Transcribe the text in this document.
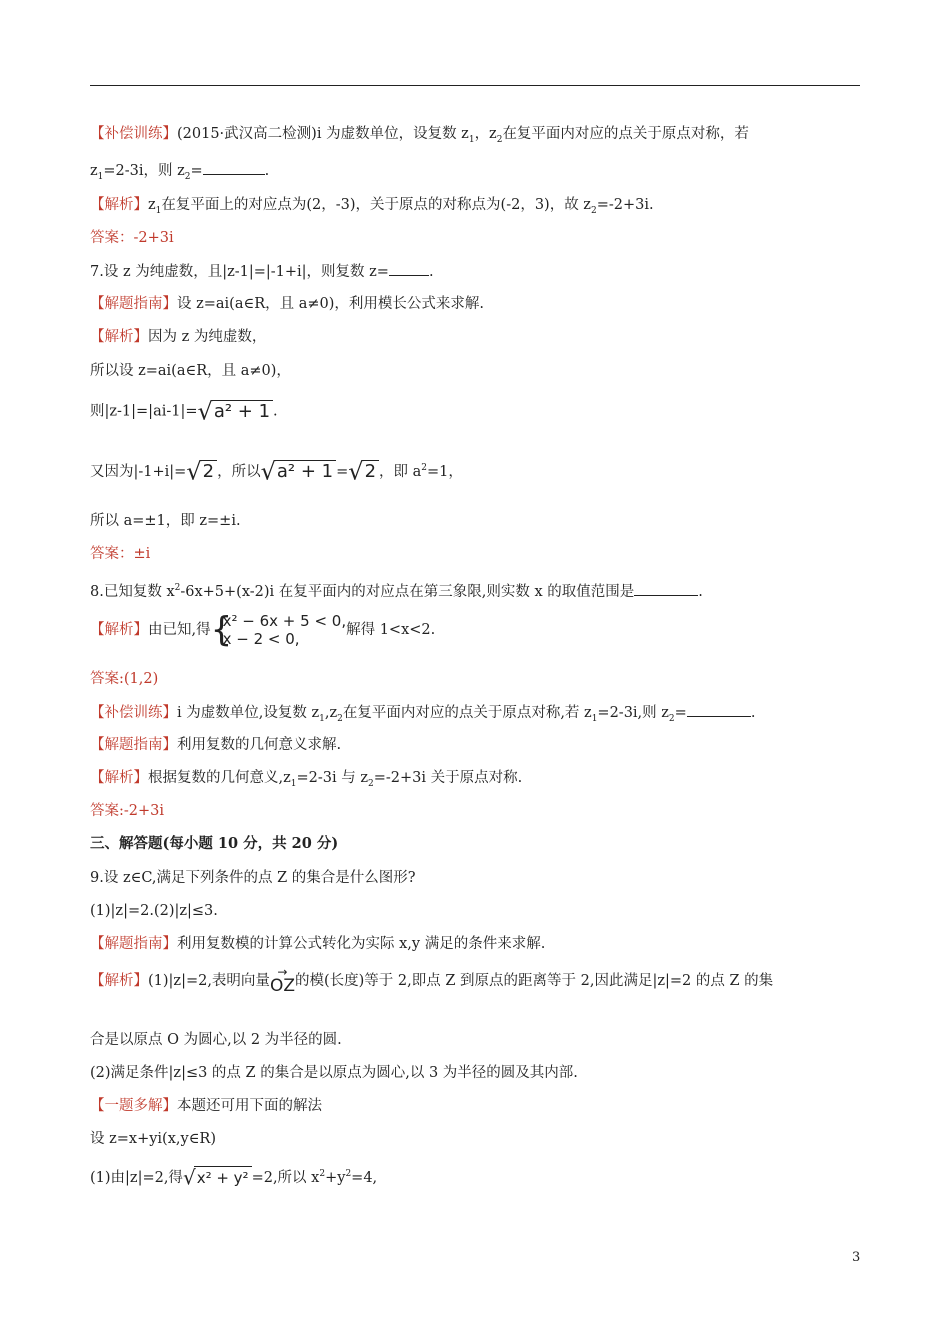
【补偿训练】(2015·武汉高二检测)i 为虚数单位，设复数 $z_1$，$z_2$在复平面内对应的点关于原点对称，若
$z_1=2-3i$，则 $z_2=$	.
【解析】$z_1$在复平面上的对应点为(2，-3)，关于原点的对称点为(-2，3)，故 $z_2=-2+3i$.
答案：-2+3i
7.设 z 为纯虚数，且|z-1|=|-1+i|，则复数 z=	.
【解题指南】设 z=ai(a∈R，且 a≠0)，利用模长公式来求解.
【解析】因为 z 为纯虚数，
所以设 z=ai(a∈R，且 a≠0)，
则|z-1|=|ai-1|=√a² + 1 .
又因为|-1+i|=√2 ，所以√a² + 1 =√2 ，即 $a^2=1$，
所以 a=±1，即 z=±i.
答案：±i
8.已知复数 $x^2-6x+5+(x-2)i$ 在复平面内的对应点在第三象限,则实数 x 的取值范围是	.
【解析】由已知,得 {
x² − 6x + 5 < 0,
x − 2 < 0,	解得 1<x<2.
答案:(1,2)
【补偿训练】i 为虚数单位,设复数 $z_1,z_2$在复平面内对应的点关于原点对称,若 $z_1=2-3i$,则 $z_2=$	.
【解题指南】利用复数的几何意义求解.
【解析】根据复数的几何意义$,z_1=2-3i$ 与 $z_2=-2+3i$ 关于原点对称.
答案:-2+3i
三、解答题(每小题 10 分，共 20 分)
9.设 z∈C,满足下列条件的点 Z 的集合是什么图形?
(1)|z|=2.(2)|z|≤3.
【解题指南】利用复数模的计算公式转化为实际 x,y 满足的条件来求解.
【解析】(1)|z|=2,表明向量
→
OZ的模(长度)等于 2,即点 Z 到原点的距离等于 2,因此满足|z|=2 的点 Z 的集
合是以原点 O 为圆心,以 2 为半径的圆.
(2)满足条件|z|≤3 的点 Z 的集合是以原点为圆心,以 3 为半径的圆及其内部.
【一题多解】本题还可用下面的解法
设 z=x+yi(x,y∈R)
(1)由|z|=2,得√x² + y² =2,所以 $x^2+y^2=4$,
3
